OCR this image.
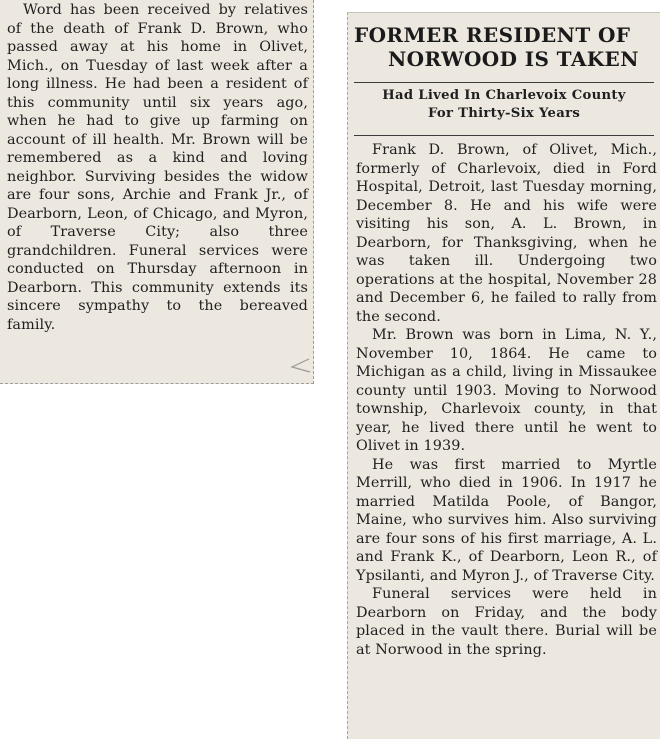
Word has been received by relatives of the death of Frank D. Brown, who passed away at his home in Olivet, Mich., on Tuesday of last week after a long illness. He had been a resident of this community until six years ago, when he had to give up farming on account of ill health. Mr. Brown will be remembered as a kind and loving neighbor. Surviving besides the widow are four sons, Archie and Frank Jr., of Dearborn, Leon, of Chicago, and Myron, of Traverse City; also three grandchildren. Funeral services were conducted on Thursday afternoon in Dearborn. This community extends its sincere sympathy to the bereaved family.

FORMER RESIDENT OF
NORWOOD IS TAKEN
Had Lived In Charlevoix County
For Thirty-Six Years

Frank D. Brown, of Olivet, Mich., formerly of Charlevoix, died in Ford Hospital, Detroit, last Tuesday morning, December 8. He and his wife were visiting his son, A. L. Brown, in Dearborn, for Thanksgiving, when he was taken ill. Undergoing two operations at the hospital, November 28 and December 6, he failed to rally from the second.

Mr. Brown was born in Lima, N. Y., November 10, 1864. He came to Michigan as a child, living in Missaukee county until 1903. Moving to Norwood township, Charlevoix county, in that year, he lived there until he went to Olivet in 1939.

He was first married to Myrtle Merrill, who died in 1906. In 1917 he married Matilda Poole, of Bangor, Maine, who survives him. Also surviving are four sons of his first marriage, A. L. and Frank K., of Dearborn, Leon R., of Ypsilanti, and Myron J., of Traverse City.

Funeral services were held in Dearborn on Friday, and the body placed in the vault there. Burial will be at Norwood in the spring.
